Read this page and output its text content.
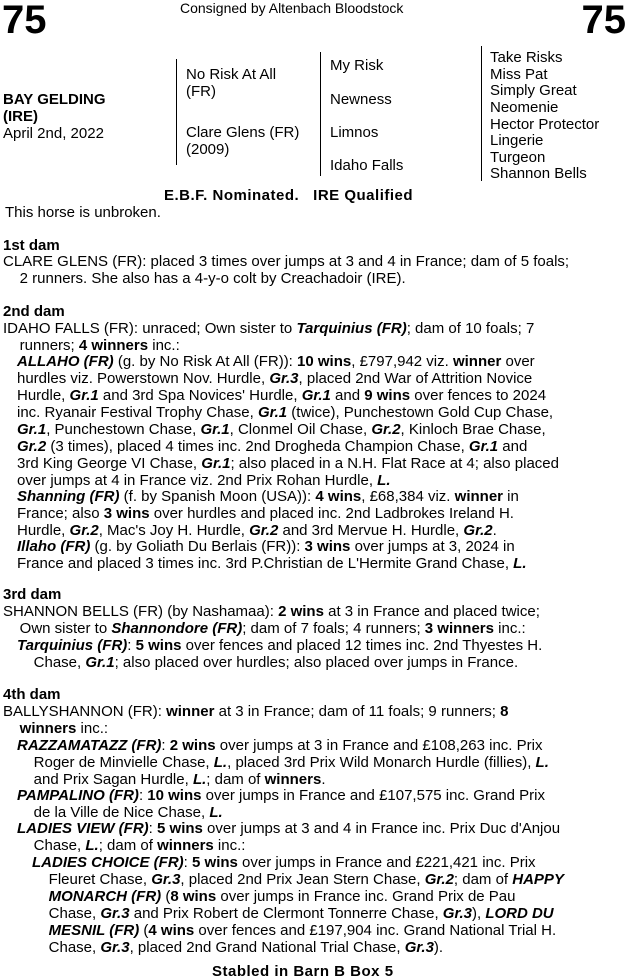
75	Consigned by Altenbach Bloodstock	75
BAY GELDING
(IRE)
April 2nd, 2022
No Risk At All
(FR)
Clare Glens (FR)
(2009)
My Risk
Newness
Limnos
Idaho Falls
Take Risks
Miss Pat
Simply Great
Neomenie
Hector Protector
Lingerie
Turgeon
Shannon Bells
E.B.F. Nominated.   IRE Qualified
This horse is unbroken.
1st dam
CLARE GLENS (FR): placed 3 times over jumps at 3 and 4 in France; dam of 5 foals;
2 runners. She also has a 4-y-o colt by Creachadoir (IRE).
2nd dam
IDAHO FALLS (FR): unraced; Own sister to Tarquinius (FR); dam of 10 foals; 7
runners; 4 winners inc.:
ALLAHO (FR) (g. by No Risk At All (FR)): 10 wins, £797,942 viz. winner over
hurdles viz. Powerstown Nov. Hurdle, Gr.3, placed 2nd War of Attrition Novice
Hurdle, Gr.1 and 3rd Spa Novices' Hurdle, Gr.1 and 9 wins over fences to 2024
inc. Ryanair Festival Trophy Chase, Gr.1 (twice), Punchestown Gold Cup Chase,
Gr.1, Punchestown Chase, Gr.1, Clonmel Oil Chase, Gr.2, Kinloch Brae Chase,
Gr.2 (3 times), placed 4 times inc. 2nd Drogheda Champion Chase, Gr.1 and
3rd King George VI Chase, Gr.1; also placed in a N.H. Flat Race at 4; also placed
over jumps at 4 in France viz. 2nd Prix Rohan Hurdle, L.
Shanning (FR) (f. by Spanish Moon (USA)): 4 wins, £68,384 viz. winner in
France; also 3 wins over hurdles and placed inc. 2nd Ladbrokes Ireland H.
Hurdle, Gr.2, Mac's Joy H. Hurdle, Gr.2 and 3rd Mervue H. Hurdle, Gr.2.
Illaho (FR) (g. by Goliath Du Berlais (FR)): 3 wins over jumps at 3, 2024 in
France and placed 3 times inc. 3rd P.Christian de L'Hermite Grand Chase, L.
3rd dam
SHANNON BELLS (FR) (by Nashamaa): 2 wins at 3 in France and placed twice;
Own sister to Shannondore (FR); dam of 7 foals; 4 runners; 3 winners inc.:
Tarquinius (FR): 5 wins over fences and placed 12 times inc. 2nd Thyestes H.
Chase, Gr.1; also placed over hurdles; also placed over jumps in France.
4th dam
BALLYSHANNON (FR): winner at 3 in France; dam of 11 foals; 9 runners; 8
winners inc.:
RAZZAMATAZZ (FR): 2 wins over jumps at 3 in France and £108,263 inc. Prix
Roger de Minvielle Chase, L., placed 3rd Prix Wild Monarch Hurdle (fillies), L.
and Prix Sagan Hurdle, L.; dam of winners.
PAMPALINO (FR): 10 wins over jumps in France and £107,575 inc. Grand Prix
de la Ville de Nice Chase, L.
LADIES VIEW (FR): 5 wins over jumps at 3 and 4 in France inc. Prix Duc d'Anjou
Chase, L.; dam of winners inc.:
LADIES CHOICE (FR): 5 wins over jumps in France and £221,421 inc. Prix
Fleuret Chase, Gr.3, placed 2nd Prix Jean Stern Chase, Gr.2; dam of HAPPY
MONARCH (FR) (8 wins over jumps in France inc. Grand Prix de Pau
Chase, Gr.3 and Prix Robert de Clermont Tonnerre Chase, Gr.3), LORD DU
MESNIL (FR) (4 wins over fences and £197,904 inc. Grand National Trial H.
Chase, Gr.3, placed 2nd Grand National Trial Chase, Gr.3).
Stabled in Barn B Box 5
